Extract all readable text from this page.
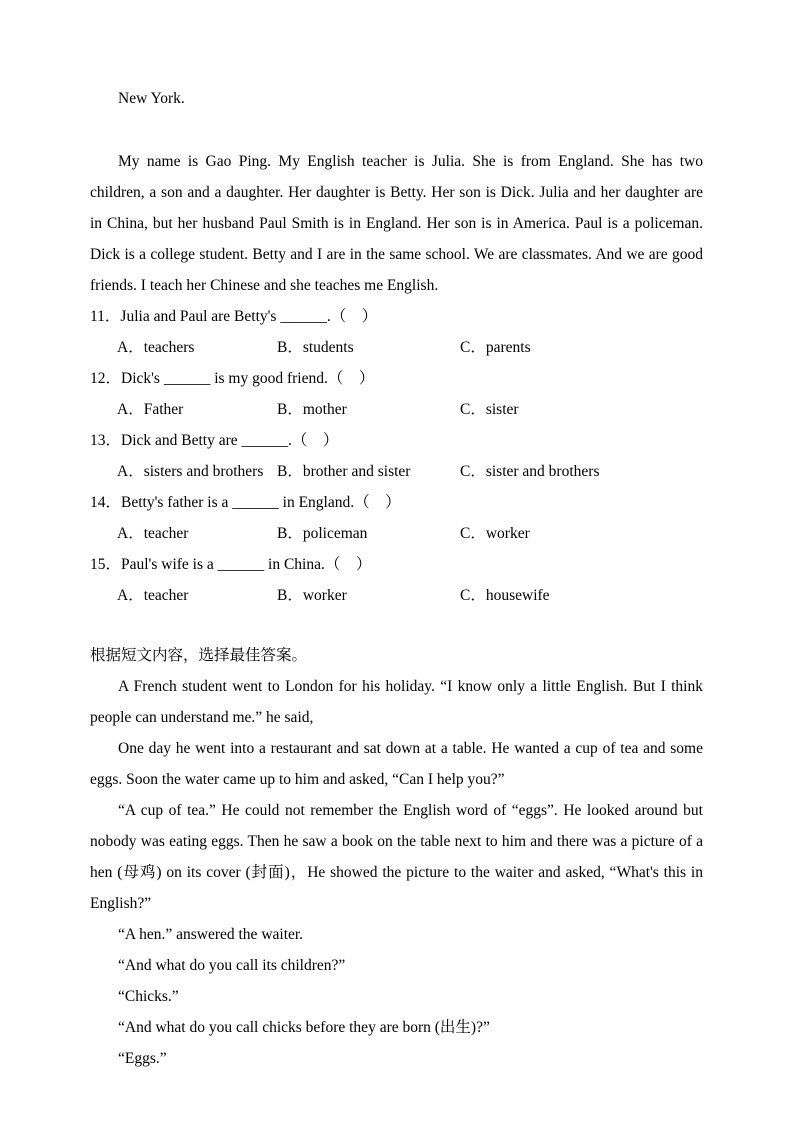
New York.

My name is Gao Ping. My English teacher is Julia. She is from England. She has two children, a son and a daughter. Her daughter is Betty. Her son is Dick. Julia and her daughter are in China, but her husband Paul Smith is in England. Her son is in America. Paul is a policeman. Dick is a college student. Betty and I are in the same school. We are classmates. And we are good friends. I teach her Chinese and she teaches me English.

11．Julia and Paul are Betty's ______.（　）

A．teachers	B．students	C．parents

12．Dick's ______ is my good friend.（　）

A．Father	B．mother	C．sister

13．Dick and Betty are ______.（　）

A．sisters and brothers B．brother and sister	C．sister and brothers

14．Betty's father is a ______ in England.（　）

A．teacher	B．policeman	C．worker

15．Paul's wife is a ______ in China.（　）

A．teacher	B．worker	C．housewife

根据短文内容，选择最佳答案。

A French student went to London for his holiday. “I know only a little English. But I think people can understand me.” he said,

One day he went into a restaurant and sat down at a table. He wanted a cup of tea and some eggs. Soon the water came up to him and asked, “Can I help you?”

“A cup of tea.” He could not remember the English word of “eggs”. He looked around but nobody was eating eggs. Then he saw a book on the table next to him and there was a picture of a hen (母鸡) on its cover (封面)，He showed the picture to the waiter and asked, “What's this in English?”

“A hen.” answered the waiter.

“And what do you call its children?”

“Chicks.”

“And what do you call chicks before they are born (出生)?”

“Eggs.”
